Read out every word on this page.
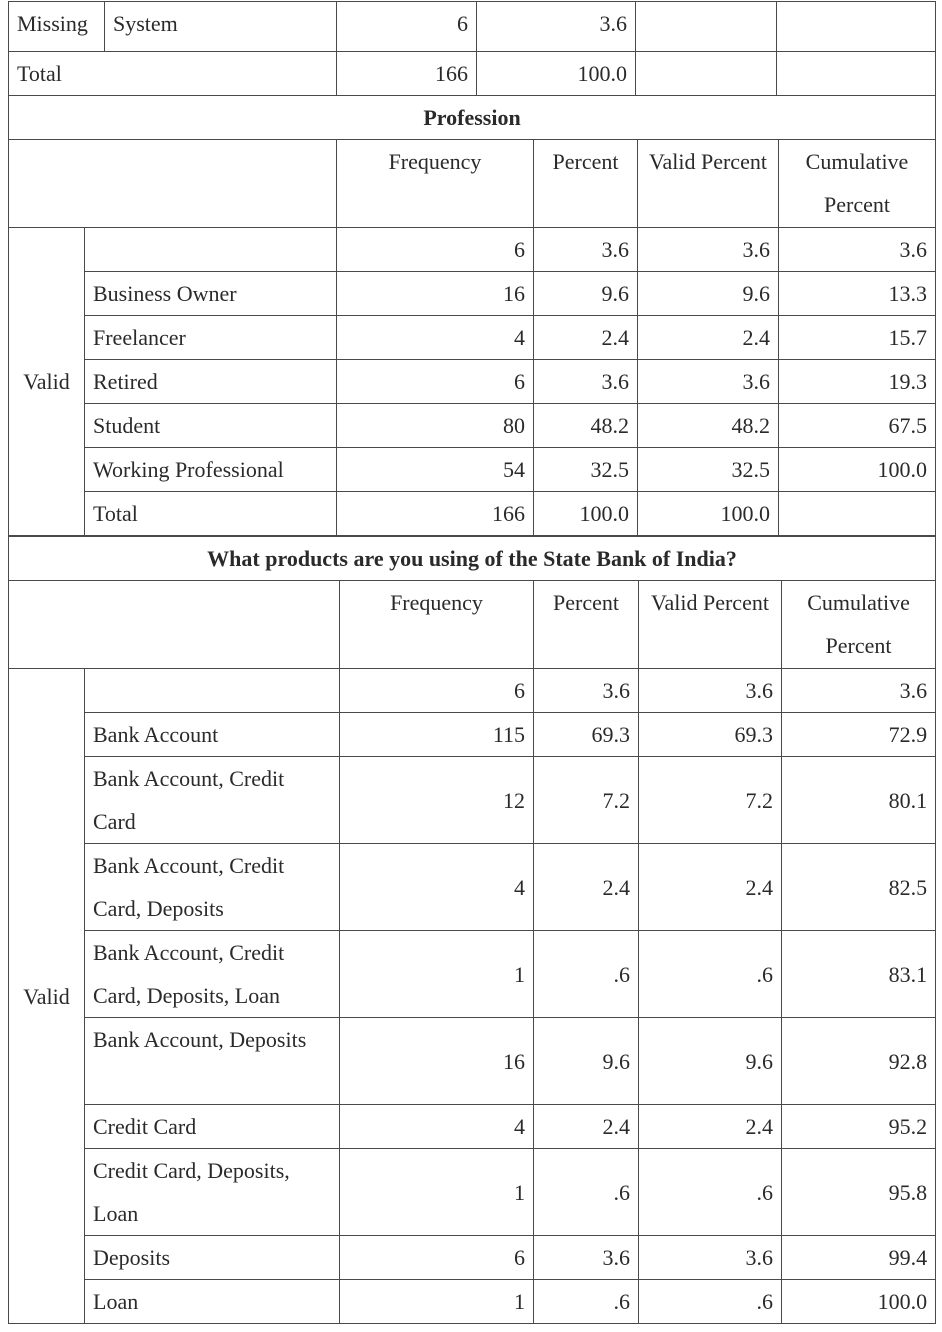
Missing	System	6	3.6		
Total		166	100.0		
Profession					
		Frequency	Percent	Valid Percent	Cumulative Percent
Valid		6	3.6	3.6	3.6
	Business Owner	16	9.6	9.6	13.3
	Freelancer	4	2.4	2.4	15.7
	Retired	6	3.6	3.6	19.3
	Student	80	48.2	48.2	67.5
	Working Professional	54	32.5	32.5	100.0
	Total	166	100.0	100.0	
What products are you using of the State Bank of India?					
		Frequency	Percent	Valid Percent	Cumulative Percent
Valid		6	3.6	3.6	3.6
	Bank Account	115	69.3	69.3	72.9
	Bank Account, Credit Card	12	7.2	7.2	80.1
	Bank Account, Credit Card, Deposits	4	2.4	2.4	82.5
	Bank Account, Credit Card, Deposits, Loan	1	.6	.6	83.1
	Bank Account, Deposits	16	9.6	9.6	92.8
	Credit Card	4	2.4	2.4	95.2
	Credit Card, Deposits, Loan	1	.6	.6	95.8
	Deposits	6	3.6	3.6	99.4
	Loan	1	.6	.6	100.0
